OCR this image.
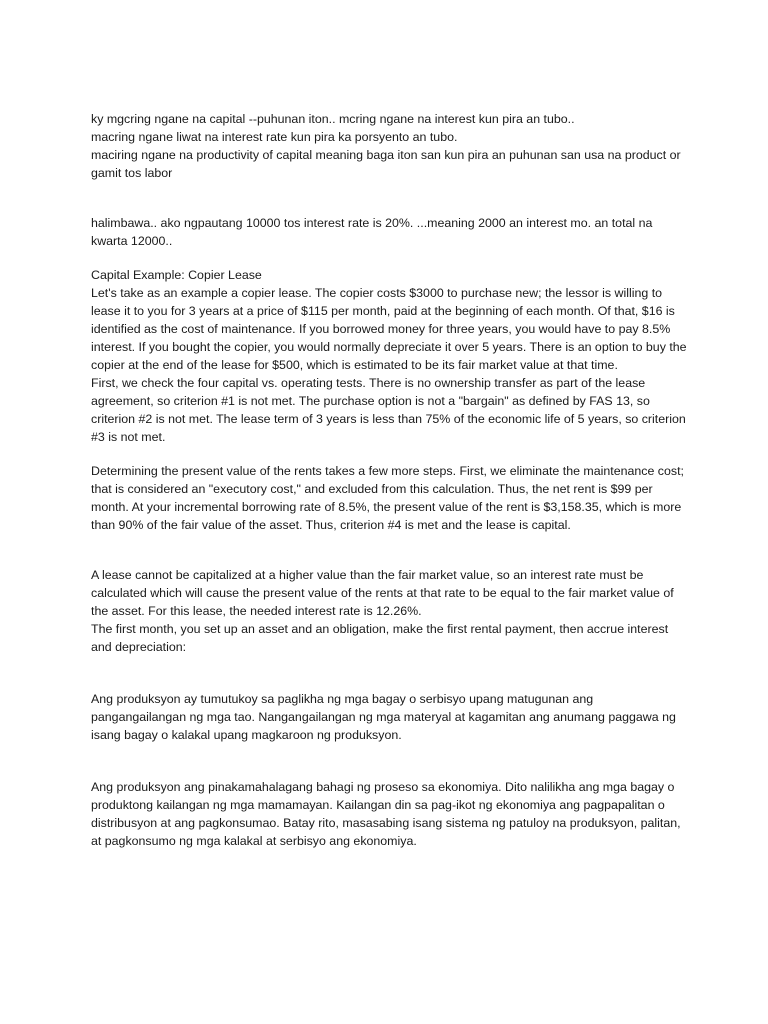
ky mgcring ngane na capital --puhunan iton.. mcring ngane na interest kun pira an tubo..
macring ngane liwat na interest rate kun pira ka porsyento an tubo.
maciring ngane na productivity of capital meaning baga iton san kun pira an puhunan san usa na product or gamit tos labor

halimbawa.. ako ngpautang 10000 tos interest rate is 20%. ...meaning 2000 an interest mo. an total na kwarta 12000..

Capital Example: Copier Lease
Let's take as an example a copier lease. The copier costs $3000 to purchase new; the lessor is willing to lease it to you for 3 years at a price of $115 per month, paid at the beginning of each month. Of that, $16 is identified as the cost of maintenance. If you borrowed money for three years, you would have to pay 8.5% interest. If you bought the copier, you would normally depreciate it over 5 years. There is an option to buy the copier at the end of the lease for $500, which is estimated to be its fair market value at that time.
First, we check the four capital vs. operating tests. There is no ownership transfer as part of the lease agreement, so criterion #1 is not met. The purchase option is not a "bargain" as defined by FAS 13, so criterion #2 is not met. The lease term of 3 years is less than 75% of the economic life of 5 years, so criterion #3 is not met.

Determining the present value of the rents takes a few more steps. First, we eliminate the maintenance cost; that is considered an "executory cost," and excluded from this calculation. Thus, the net rent is $99 per month. At your incremental borrowing rate of 8.5%, the present value of the rent is $3,158.35, which is more than 90% of the fair value of the asset. Thus, criterion #4 is met and the lease is capital.

A lease cannot be capitalized at a higher value than the fair market value, so an interest rate must be calculated which will cause the present value of the rents at that rate to be equal to the fair market value of the asset. For this lease, the needed interest rate is 12.26%.
The first month, you set up an asset and an obligation, make the first rental payment, then accrue interest and depreciation:

Ang produksyon ay tumutukoy sa paglikha ng mga bagay o serbisyo upang matugunan ang pangangailangan ng mga tao. Nangangailangan ng mga materyal at kagamitan ang anumang paggawa ng isang bagay o kalakal upang magkaroon ng produksyon.

Ang produksyon ang pinakamahalagang bahagi ng proseso sa ekonomiya. Dito nalilikha ang mga bagay o produktong kailangan ng mga mamamayan. Kailangan din sa pag-ikot ng ekonomiya ang pagpapalitan o distribusyon at ang pagkonsumao. Batay rito, masasabing isang sistema ng patuloy na produksyon, palitan, at pagkonsumo ng mga kalakal at serbisyo ang ekonomiya.
